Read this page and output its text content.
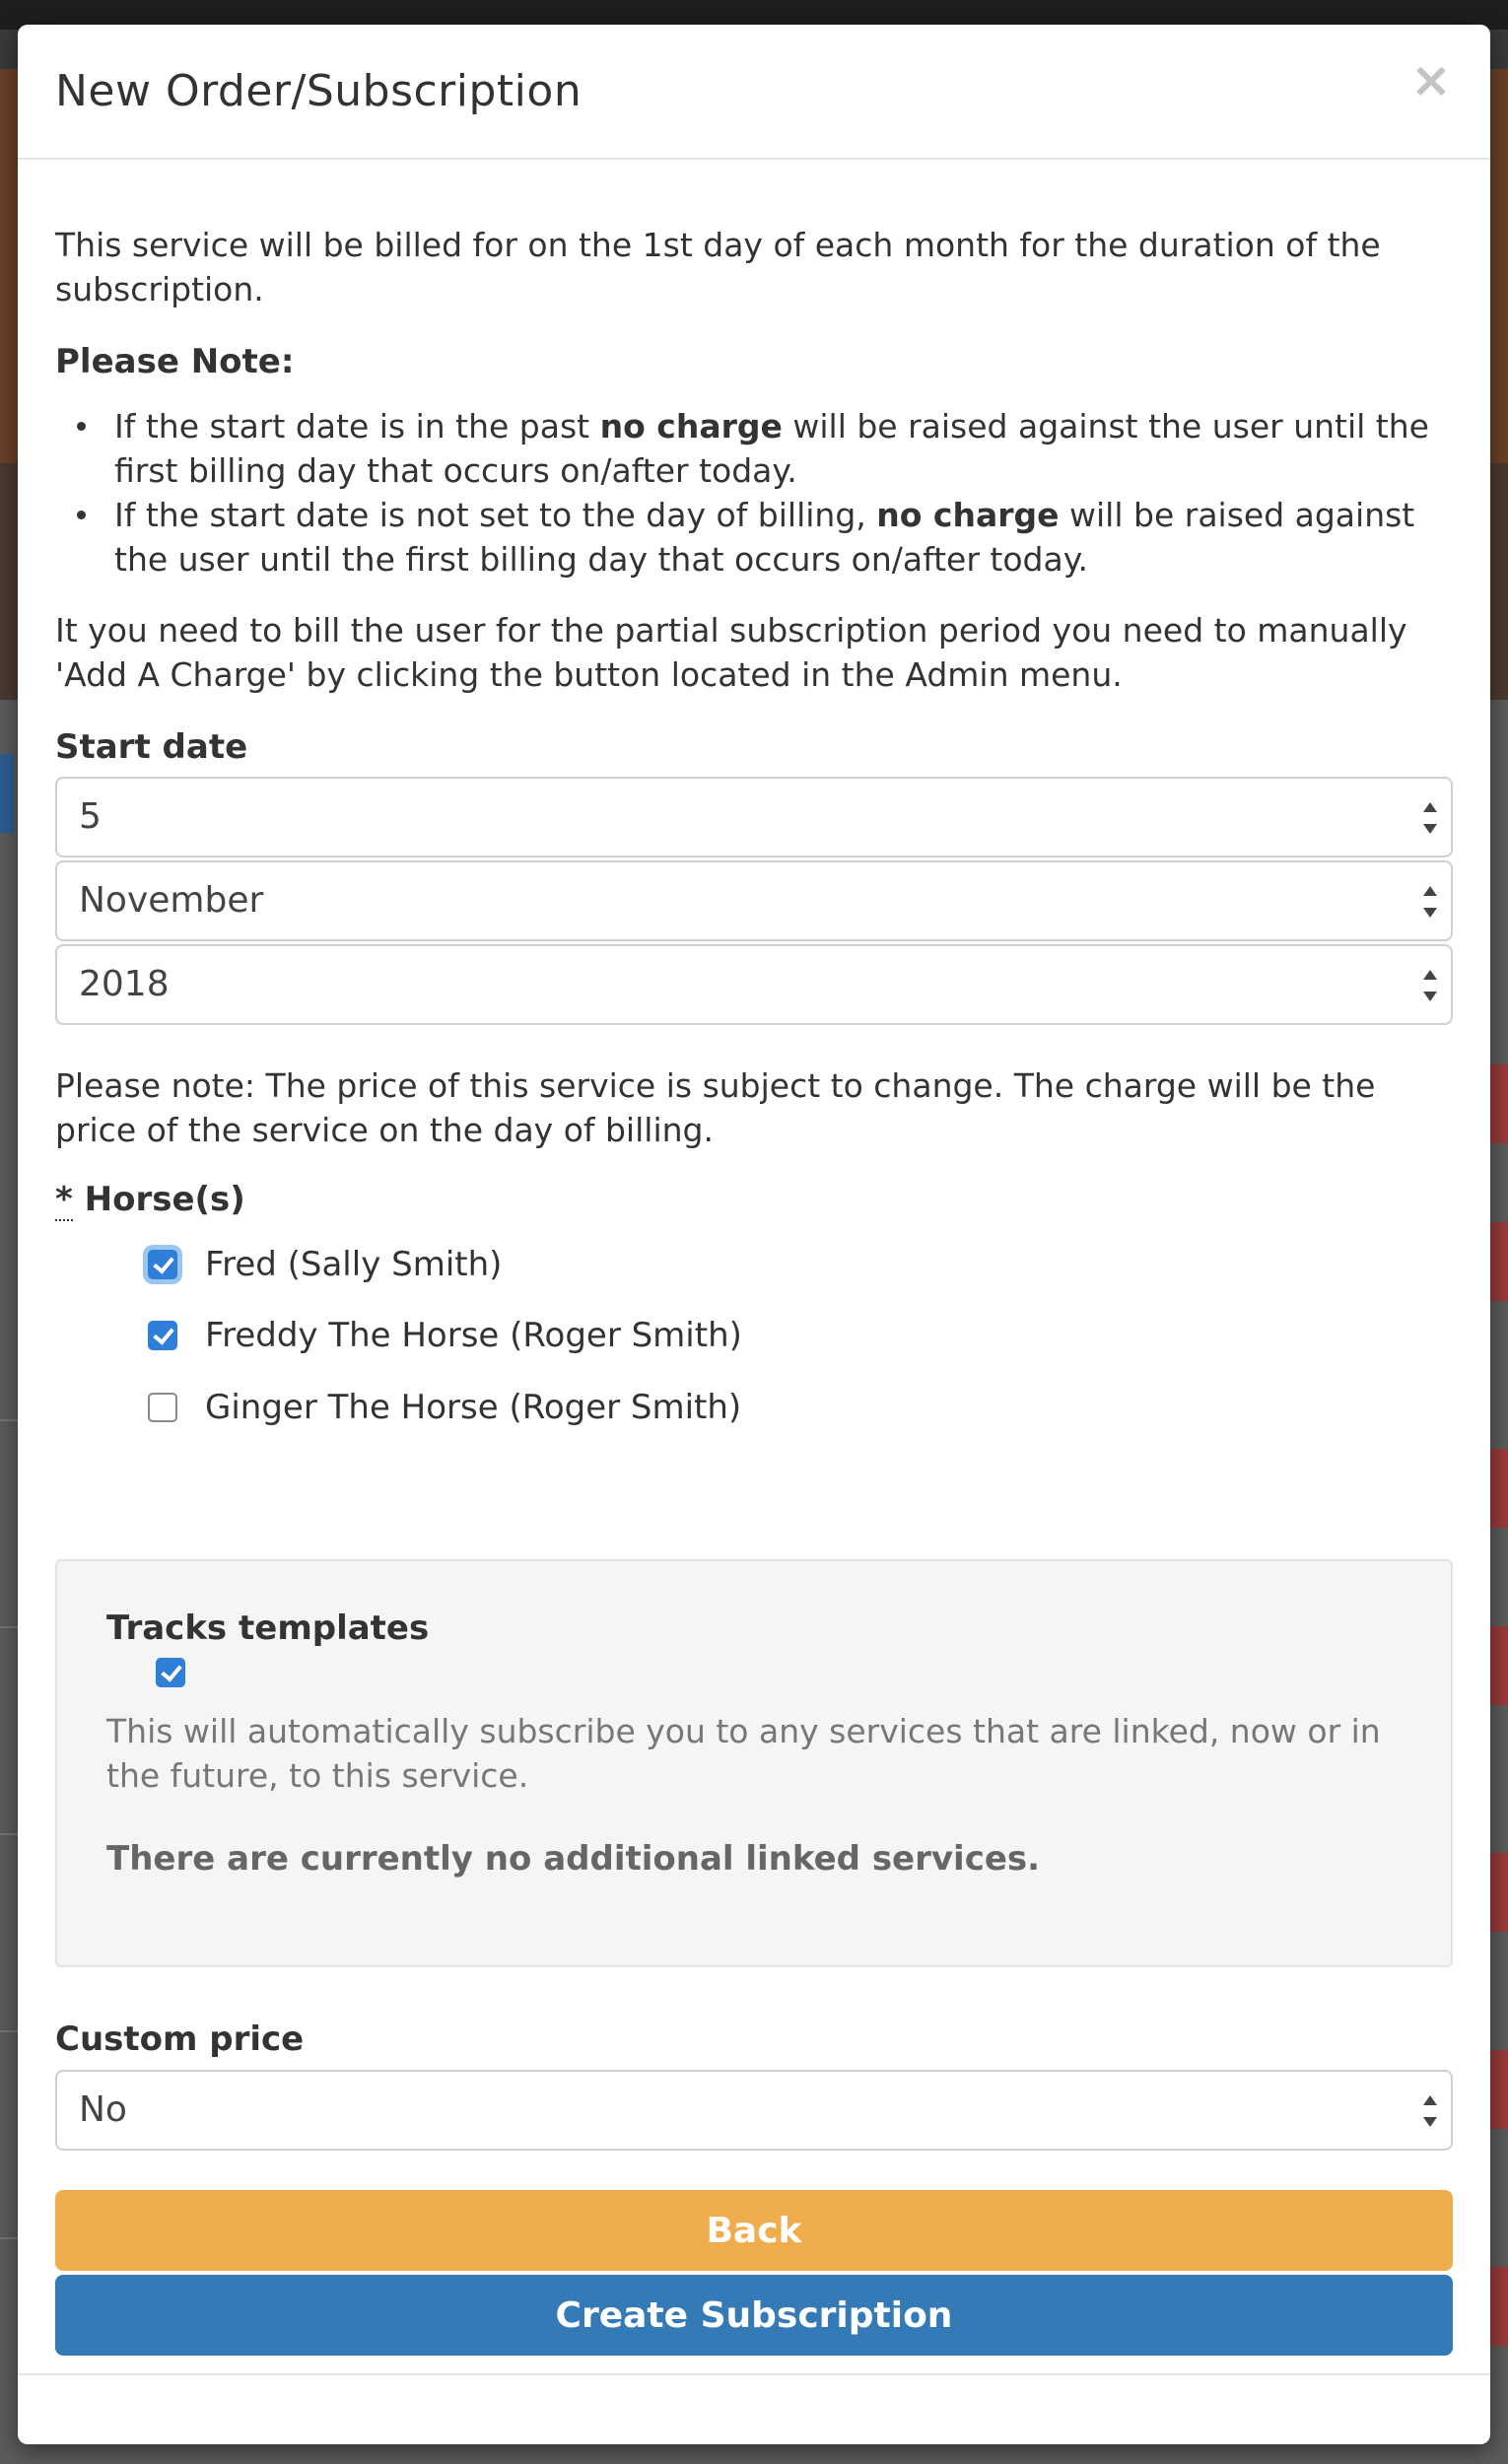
New Order/Subscription	×

This service will be billed for on the 1st day of each month for the duration of the subscription.

Please Note:

If the start date is in the past no charge will be raised against the user until the first billing day that occurs on/after today.
If the start date is not set to the day of billing, no charge will be raised against the user until the first billing day that occurs on/after today.

It you need to bill the user for the partial subscription period you need to manually 'Add A Charge' by clicking the button located in the Admin menu.

Start date

5
November
2018

Please note: The price of this service is subject to change. The charge will be the price of the service on the day of billing.

* Horse(s)
Fred (Sally Smith)
Freddy The Horse (Roger Smith)
Ginger The Horse (Roger Smith)

Tracks templates

This will automatically subscribe you to any services that are linked, now or in the future, to this service.

There are currently no additional linked services.

Custom price

No
Back
Create Subscription
